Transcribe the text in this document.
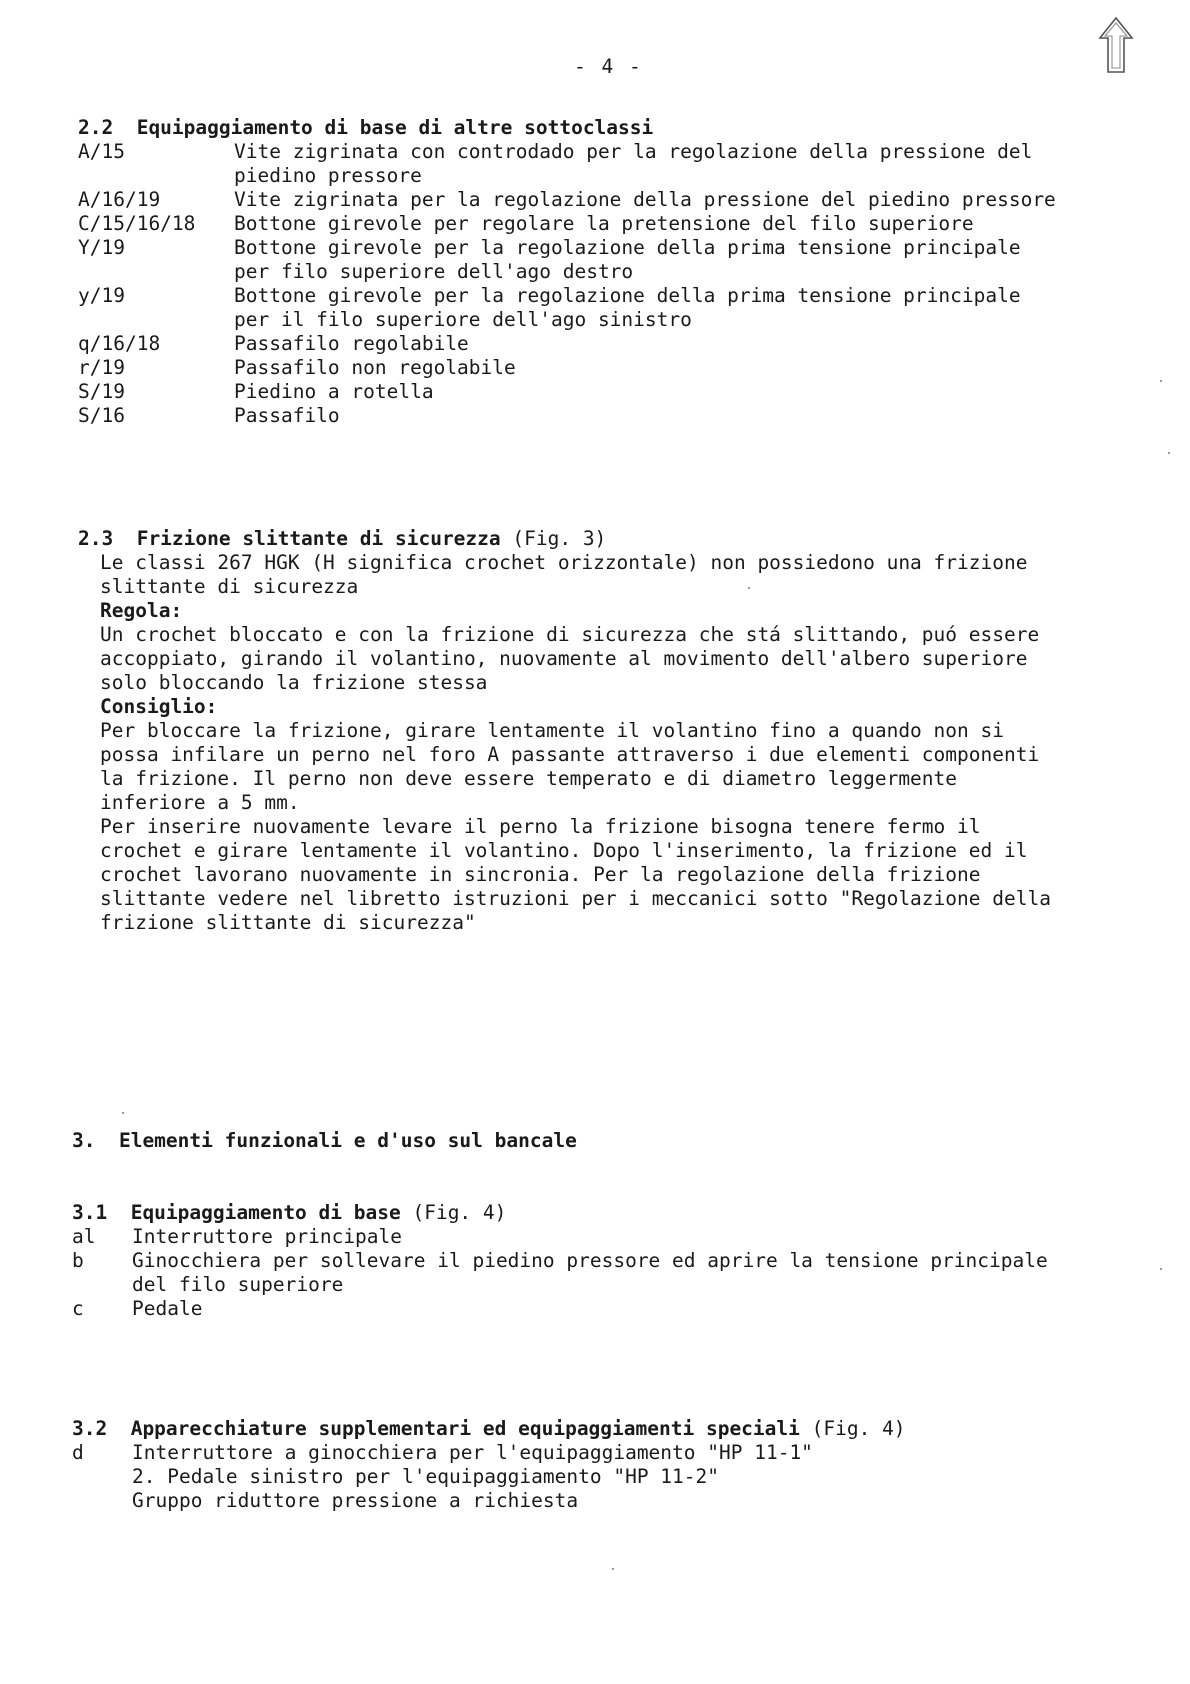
- 4 -
2.2  Equipaggiamento di base di altre sottoclassi
A/15	Vite zigrinata con controdado per la regolazione della pressione del
piedino pressore
A/16/19	Vite zigrinata per la regolazione della pressione del piedino pressore
C/15/16/18 Bottone girevole per regolare la pretensione del filo superiore
Y/19	Bottone girevole per la regolazione della prima tensione principale
per filo superiore dell'ago destro
y/19	Bottone girevole per la regolazione della prima tensione principale
per il filo superiore dell'ago sinistro
q/16/18	Passafilo regolabile
r/19	Passafilo non regolabile
S/19	Piedino a rotella
S/16	Passafilo
2.3  Frizione slittante di sicurezza (Fig. 3)
Le classi 267 HGK (H significa crochet orizzontale) non possiedono una frizione
slittante di sicurezza
Regola:
Un crochet bloccato e con la frizione di sicurezza che stá slittando, puó essere
accoppiato, girando il volantino, nuovamente al movimento dell'albero superiore
solo bloccando la frizione stessa
Consiglio:
Per bloccare la frizione, girare lentamente il volantino fino a quando non si
possa infilare un perno nel foro A passante attraverso i due elementi componenti
la frizione. Il perno non deve essere temperato e di diametro leggermente
inferiore a 5 mm.
Per inserire nuovamente levare il perno la frizione bisogna tenere fermo il
crochet e girare lentamente il volantino. Dopo l'inserimento, la frizione ed il
crochet lavorano nuovamente in sincronia. Per la regolazione della frizione
slittante vedere nel libretto istruzioni per i meccanici sotto "Regolazione della
frizione slittante di sicurezza"
3.  Elementi funzionali e d'uso sul bancale
3.1  Equipaggiamento di base (Fig. 4)
al Interruttore principale
b Ginocchiera per sollevare il piedino pressore ed aprire la tensione principale
del filo superiore
c Pedale
3.2  Apparecchiature supplementari ed equipaggiamenti speciali (Fig. 4)
d Interruttore a ginocchiera per l'equipaggiamento "HP 11-1"
2. Pedale sinistro per l'equipaggiamento "HP 11-2"
Gruppo riduttore pressione a richiesta
